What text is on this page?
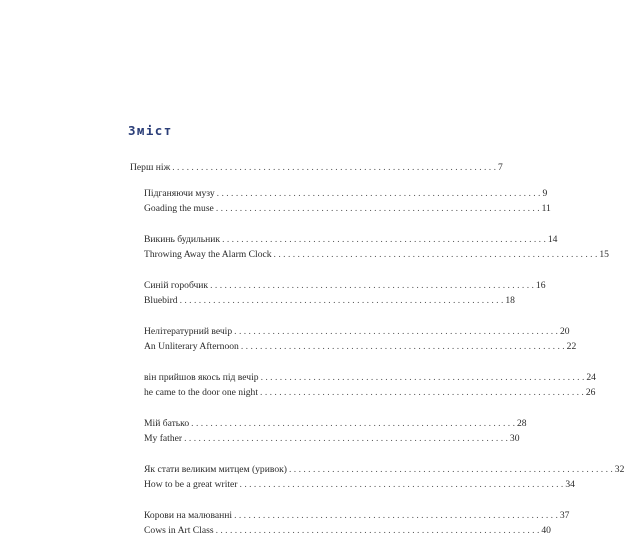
Зміст
Перш ніж . . .	7
Підганяючи музу . . .	9
Goading the muse . . .	11
Викинь будильник . . .	14
Throwing Away the Alarm Clock . . .	15
Синій горобчик . . .	16
Bluebird . . .	18
Нелітературний вечір . . .	20
An Unliterary Afternoon . . .	22
він прийшов якось під вечір . . .	24
he came to the door one night . . .	26
Мій батько . . .	28
My father . . .	30
Як стати великим митцем (уривок) . . .	32
How to be a great writer . . .	34
Корови на малюванні . . .	37
Cows in Art Class . . .	40
